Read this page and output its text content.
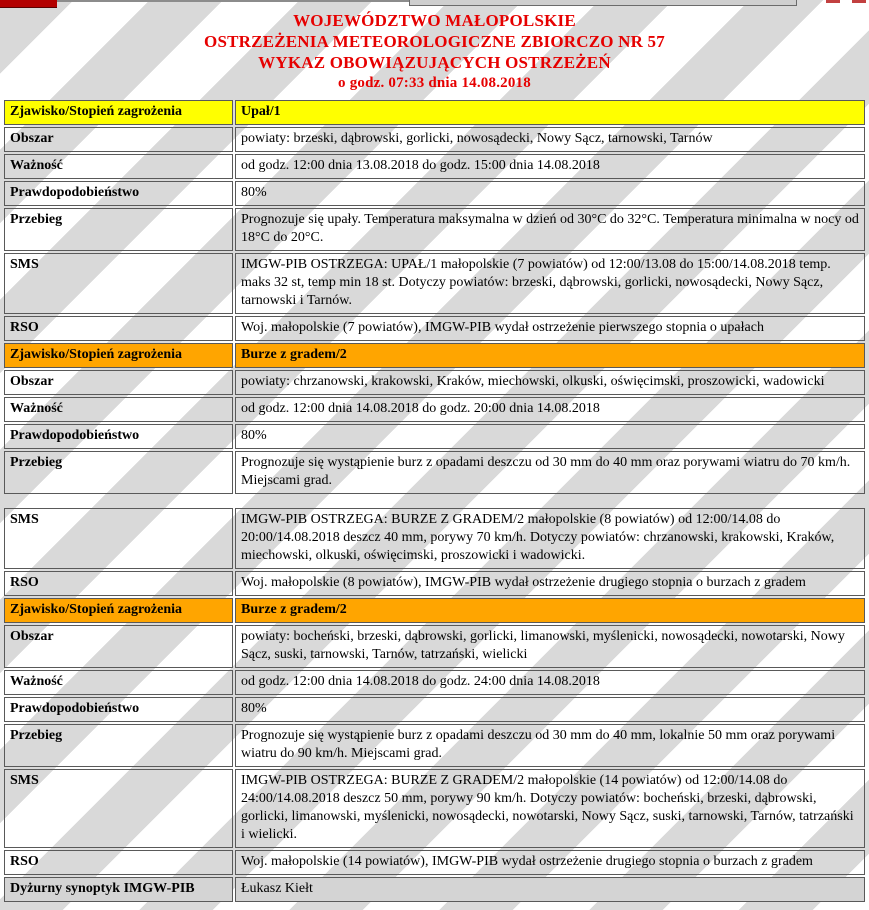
WOJEWÓDZTWO MAŁOPOLSKIE
OSTRZEŻENIA METEOROLOGICZNE ZBIORCZO NR 57
WYKAZ OBOWIĄZUJĄCYCH OSTRZEŻEŃ
o godz. 07:33 dnia 14.08.2018
Zjawisko/Stopień zagrożenia	Upał/1
Obszar	powiaty: brzeski, dąbrowski, gorlicki, nowosądecki, Nowy Sącz, tarnowski, Tarnów
Ważność	od godz. 12:00 dnia 13.08.2018 do godz. 15:00 dnia 14.08.2018
Prawdopodobieństwo	80%
Przebieg	Prognozuje się upały. Temperatura maksymalna w dzień od 30°C do 32°C. Temperatura minimalna w nocy od 18°C do 20°C.
SMS	IMGW-PIB OSTRZEGA: UPAŁ/1 małopolskie (7 powiatów) od 12:00/13.08 do 15:00/14.08.2018 temp. maks 32 st, temp min 18 st. Dotyczy powiatów: brzeski, dąbrowski, gorlicki, nowosądecki, Nowy Sącz, tarnowski i Tarnów.
RSO	Woj. małopolskie (7 powiatów), IMGW-PIB wydał ostrzeżenie pierwszego stopnia o upałach
Zjawisko/Stopień zagrożenia	Burze z gradem/2
Obszar	powiaty: chrzanowski, krakowski, Kraków, miechowski, olkuski, oświęcimski, proszowicki, wadowicki
Ważność	od godz. 12:00 dnia 14.08.2018 do godz. 20:00 dnia 14.08.2018
Prawdopodobieństwo	80%
Przebieg	Prognozuje się wystąpienie burz z opadami deszczu od 30 mm do 40 mm oraz porywami wiatru do 70 km/h. Miejscami grad.
SMS	IMGW-PIB OSTRZEGA: BURZE Z GRADEM/2 małopolskie (8 powiatów) od 12:00/14.08 do 20:00/14.08.2018 deszcz 40 mm, porywy 70 km/h. Dotyczy powiatów: chrzanowski, krakowski, Kraków, miechowski, olkuski, oświęcimski, proszowicki i wadowicki.
RSO	Woj. małopolskie (8 powiatów), IMGW-PIB wydał ostrzeżenie drugiego stopnia o burzach z gradem
Zjawisko/Stopień zagrożenia	Burze z gradem/2
Obszar	powiaty: bocheński, brzeski, dąbrowski, gorlicki, limanowski, myślenicki, nowosądecki, nowotarski, Nowy Sącz, suski, tarnowski, Tarnów, tatrzański, wielicki
Ważność	od godz. 12:00 dnia 14.08.2018 do godz. 24:00 dnia 14.08.2018
Prawdopodobieństwo	80%
Przebieg	Prognozuje się wystąpienie burz z opadami deszczu od 30 mm do 40 mm, lokalnie 50 mm oraz porywami wiatru do 90 km/h. Miejscami grad.
SMS	IMGW-PIB OSTRZEGA: BURZE Z GRADEM/2 małopolskie (14 powiatów) od 12:00/14.08 do 24:00/14.08.2018 deszcz 50 mm, porywy 90 km/h. Dotyczy powiatów: bocheński, brzeski, dąbrowski, gorlicki, limanowski, myślenicki, nowosądecki, nowotarski, Nowy Sącz, suski, tarnowski, Tarnów, tatrzański i wielicki.
RSO	Woj. małopolskie (14 powiatów), IMGW-PIB wydał ostrzeżenie drugiego stopnia o burzach z gradem
Dyżurny synoptyk IMGW-PIB	Łukasz Kiełt
